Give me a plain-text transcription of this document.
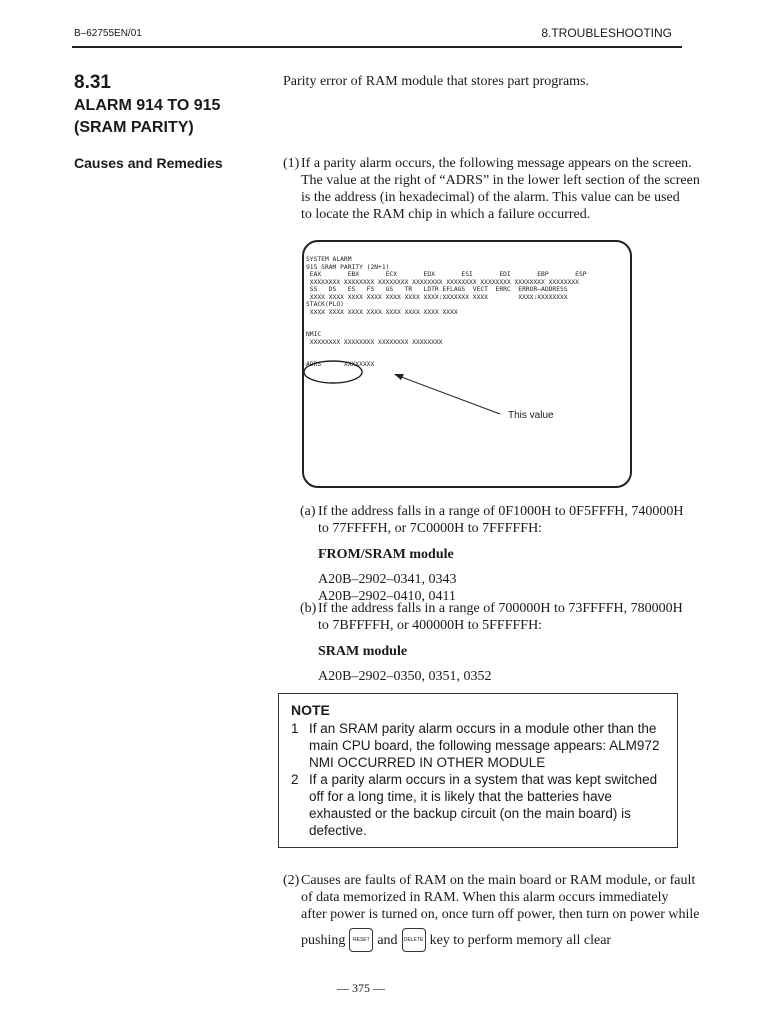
B–62755EN/01	8.TROUBLESHOOTING
8.31
ALARM 914 TO 915
(SRAM PARITY)
Causes and Remedies
Parity error of RAM module that stores part programs.
(1) If a parity alarm occurs, the following message appears on the screen.
The value at the right of “ADRS” in the lower left section of the screen
is the address (in hexadecimal) of the alarm. This value can be used
to locate the RAM chip in which a failure occurred.
SYSTEM ALARM
915 SRAM PARITY (2N+1)
EAX       EBX       ECX       EDX       ESI       EDI       EBP       ESP
XXXXXXXX XXXXXXXX XXXXXXXX XXXXXXXX XXXXXXXX XXXXXXXX XXXXXXXX XXXXXXXX
SS   DS   ES   FS   GS   TR   LDTR EFLAGS  VECT  ERRC  ERROR–ADDRESS
XXXX XXXX XXXX XXXX XXXX XXXX XXXX:XXXXXXX XXXX        XXXX:XXXXXXXX
STACK(PLO)
XXXX XXXX XXXX XXXX XXXX XXXX XXXX XXXX

NMIC
XXXXXXXX XXXXXXXX XXXXXXXX XXXXXXXX

ADRS      XXXXXXXX
This value
(a) If the address falls in a range of 0F1000H to 0F5FFFH, 740000H
to 77FFFFH, or 7C0000H to 7FFFFFH:
FROM/SRAM module
A20B–2902–0341, 0343
A20B–2902–0410, 0411
(b) If the address falls in a range of 700000H to 73FFFFH, 780000H
to 7BFFFFH, or 400000H to 5FFFFFH:
SRAM module
A20B–2902–0350, 0351, 0352
NOTE
1 If an SRAM parity alarm occurs in a module other than the
main CPU board, the following message appears: ALM972
NMI OCCURRED IN OTHER MODULE
2 If a parity alarm occurs in a system that was kept switched
off for a long time, it is likely that the batteries have
exhausted or the backup circuit (on the main board) is
defective.
(2) Causes are faults of RAM on the main board or RAM module, or fault
of data memorized in RAM. When this alarm occurs immediately
after power is turned on, once turn off power, then turn on power while
pushing	RESET and	DELETE key to perform memory all clear
— 375 —
